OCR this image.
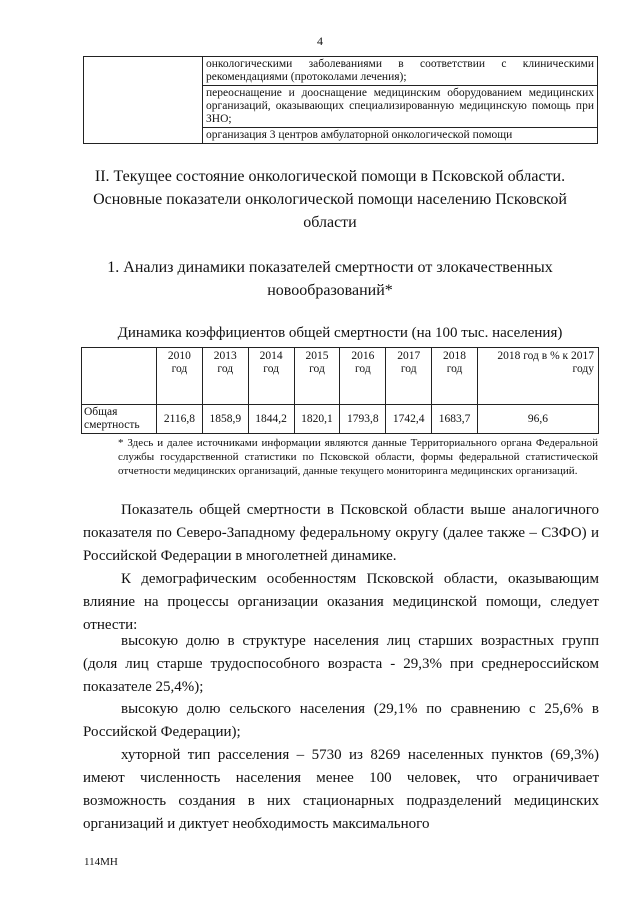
4
	онкологическими заболеваниями в соответствии с клиническими рекомендациями (протоколами лечения);
переоснащение и дооснащение медицинским оборудованием медицинских организаций, оказывающих специализированную медицинскую помощь при ЗНО;
организация 3 центров амбулаторной онкологической помощи
II. Текущее состояние онкологической помощи в Псковской области. Основные показатели онкологической помощи населению Псковской области
1. Анализ динамики показателей смертности от злокачественных новообразований*
Динамика коэффициентов общей смертности (на 100 тыс. населения)
	2010 год	2013 год	2014 год	2015 год	2016 год	2017 год	2018 год	2018 год в % к 2017 году
Общая смертность	2116,8	1858,9	1844,2	1820,1	1793,8	1742,4	1683,7	96,6
* Здесь и далее источниками информации являются данные Территориального органа Федеральной службы государственной статистики по Псковской области, формы федеральной статистической отчетности медицинских организаций, данные текущего мониторинга медицинских организаций.

Показатель общей смертности в Псковской области выше аналогичного показателя по Северо-Западному федеральному округу (далее также – СЗФО) и Российской Федерации в многолетней динамике.

К демографическим особенностям Псковской области, оказывающим влияние на процессы организации оказания медицинской помощи, следует отнести:

высокую долю в структуре населения лиц старших возрастных групп (доля лиц старше трудоспособного возраста - 29,3% при среднероссийском показателе 25,4%);

высокую долю сельского населения (29,1% по сравнению с 25,6% в Российской Федерации);

хуторной тип расселения – 5730 из 8269 населенных пунктов (69,3%) имеют численность населения менее 100 человек, что ограничивает возможность создания в них стационарных подразделений медицинских организаций и диктует необходимость максимального

114МН
